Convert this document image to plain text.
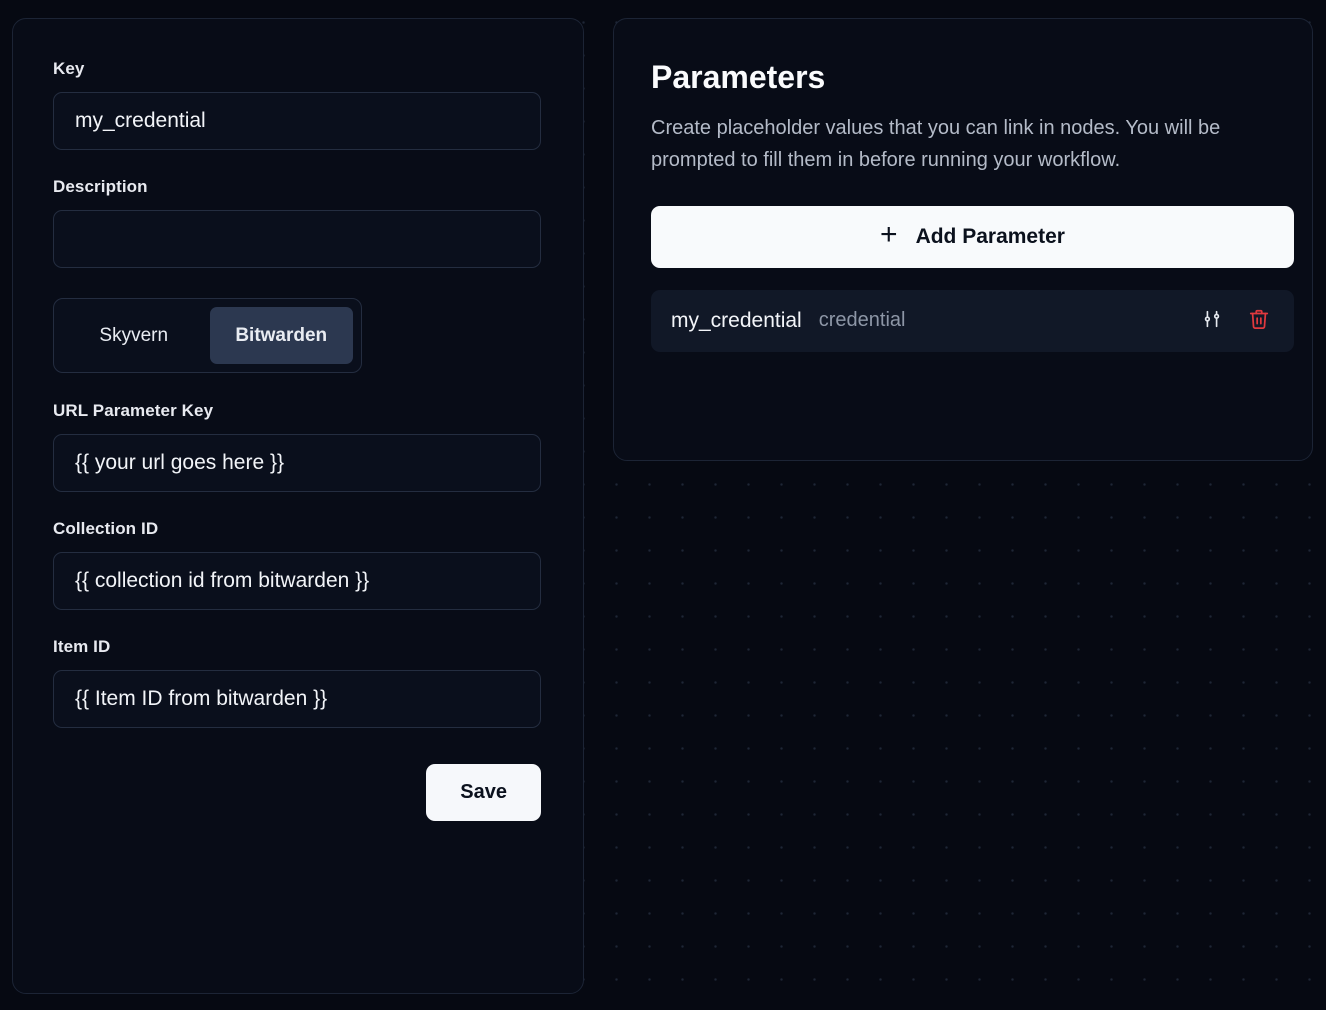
Key
my_credential
Description
Skyvern	Bitwarden
URL Parameter Key
{{ your url goes here }}
Collection ID
{{ collection id from bitwarden }}
Item ID
{{ Item ID from bitwarden }}
Save
Parameters
Create placeholder values that you can link in nodes. You will be prompted to fill them in before running your workflow.
+ Add Parameter
my_credential credential
